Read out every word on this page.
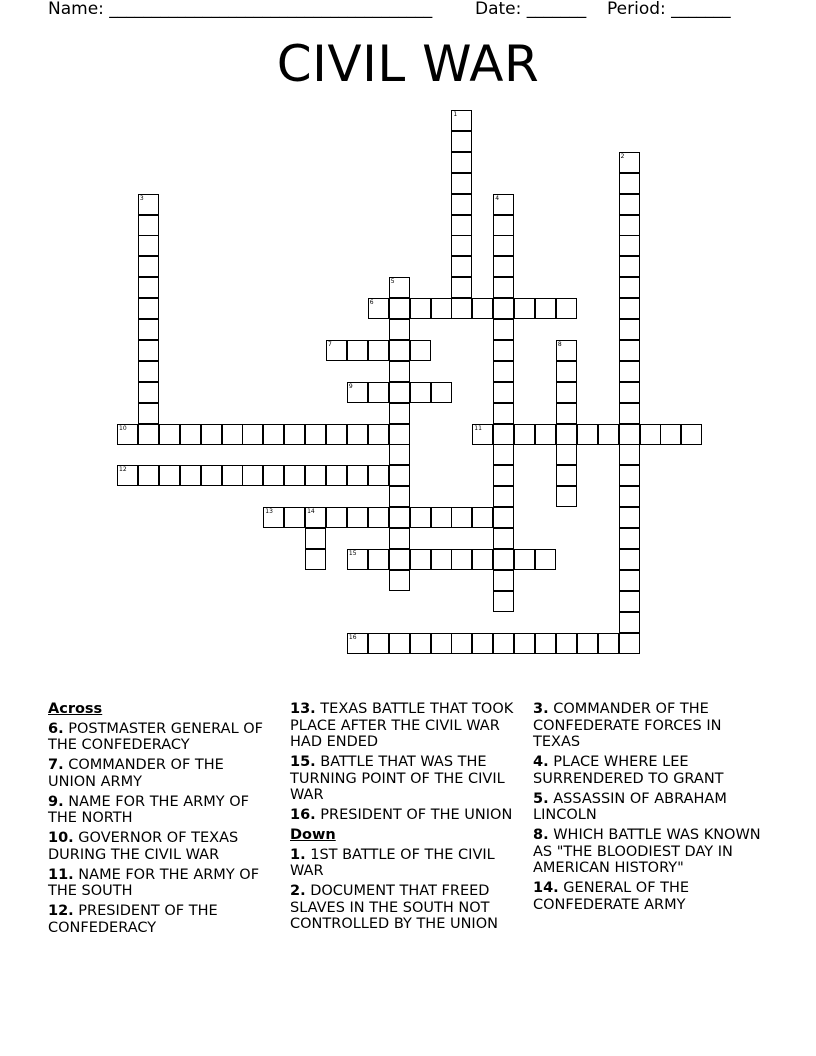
Name: ______________________________________	Date: _______ Period: _______
CIVIL WAR
1
2
3	4
5
6
7	8
9
10	11
12
13	14
15
16
Across
6. POSTMASTER GENERAL OF THE CONFEDERACY
7. COMMANDER OF THE UNION ARMY
9. NAME FOR THE ARMY OF THE NORTH
10. GOVERNOR OF TEXAS DURING THE CIVIL WAR
11. NAME FOR THE ARMY OF THE SOUTH
12. PRESIDENT OF THE CONFEDERACY
13. TEXAS BATTLE THAT TOOK PLACE AFTER THE CIVIL WAR HAD ENDED
15. BATTLE THAT WAS THE TURNING POINT OF THE CIVIL WAR
16. PRESIDENT OF THE UNION
Down
1. 1ST BATTLE OF THE CIVIL WAR
2. DOCUMENT THAT FREED SLAVES IN THE SOUTH NOT CONTROLLED BY THE UNION
3. COMMANDER OF THE CONFEDERATE FORCES IN TEXAS
4. PLACE WHERE LEE SURRENDERED TO GRANT
5. ASSASSIN OF ABRAHAM LINCOLN
8. WHICH BATTLE WAS KNOWN AS "THE BLOODIEST DAY IN AMERICAN HISTORY"
14. GENERAL OF THE CONFEDERATE ARMY
